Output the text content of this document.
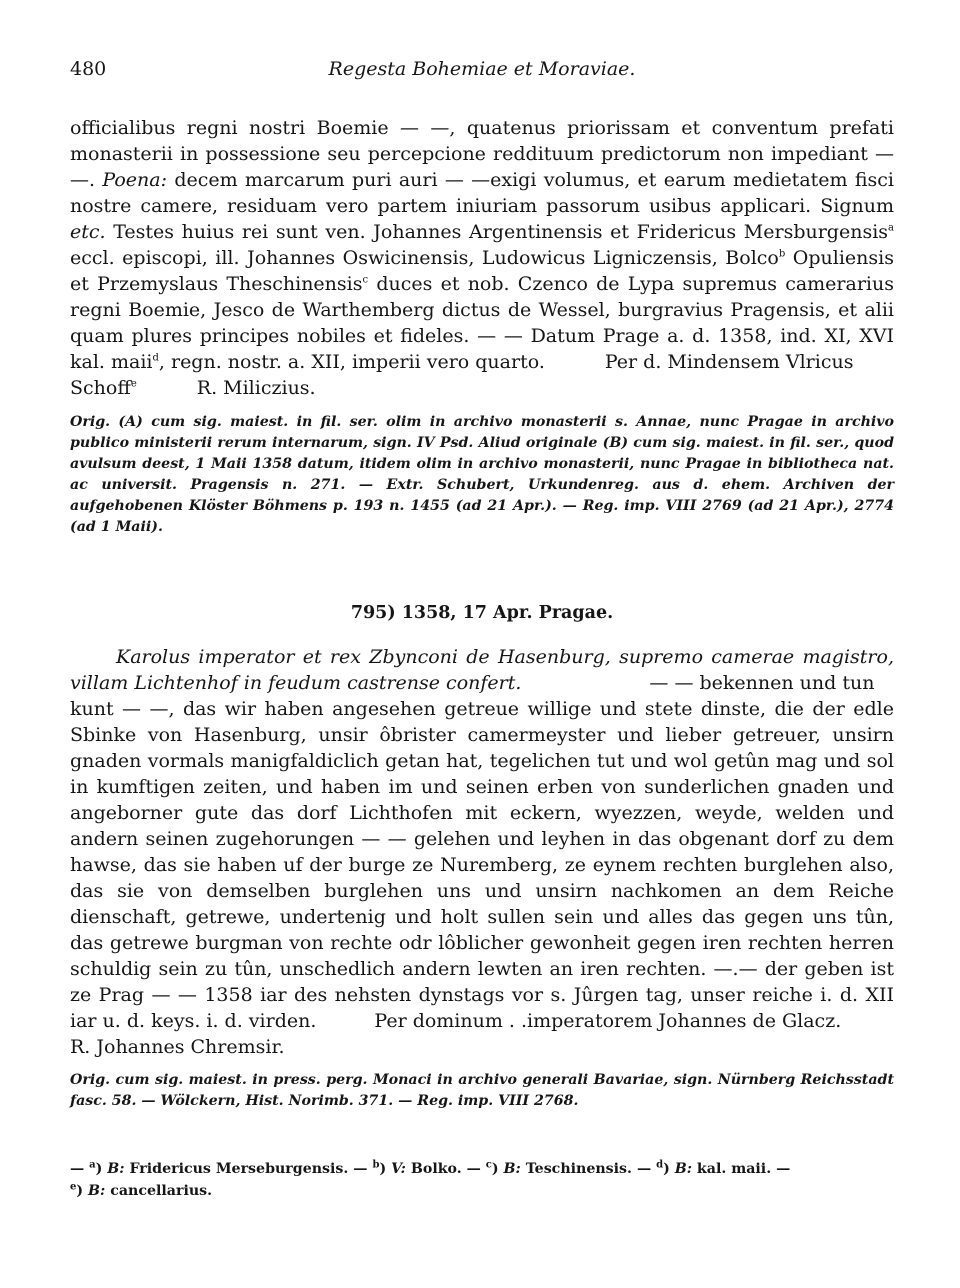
480	Regesta Bohemiae et Moraviae.
officialibus regni nostri Boemie — —, quatenus priorissam et conventum prefati monasterii in possessione seu percepcione reddituum predictorum non impediant — —. Poena: decem marcarum puri auri — —exigi volumus, et earum medietatem fisci nostre camere, residuam vero partem iniuriam passorum usibus applicari. Signum etc. Testes huius rei sunt ven. Johannes Argentinensis et Fridericus Mersburgensis$^a$ eccl. episcopi, ill. Johannes Oswicinensis, Ludowicus Ligniczensis, Bolco$^b$ Opuliensis et Przemyslaus Theschinensis$^c$ duces et nob. Czenco de Lypa supremus camerarius regni Boemie, Jesco de Warthemberg dictus de Wessel, burgravius Pragensis, et alii quam plures principes nobiles et fideles. — — Datum Prage a. d. 1358, ind. XI, XVI kal. maii$^d$, regn. nostr. a. XII, imperii vero quarto.	Per d. Mindensem Vlricus
Schoff$^e$	R. Miliczius.
Orig. (A) cum sig. maiest. in fil. ser. olim in archivo monasterii s. Annae, nunc Pragae in archivo publico ministerii rerum internarum, sign. IV Psd. Aliud originale (B) cum sig. maiest. in fil. ser., quod avulsum deest, 1 Maii 1358 datum, itidem olim in archivo monasterii, nunc Pragae in bibliotheca nat. ac universit. Pragensis n. 271. — Extr. Schubert, Urkundenreg. aus d. ehem. Archiven der aufgehobenen Klöster Böhmens p. 193 n. 1455 (ad 21 Apr.). — Reg. imp. VIII 2769 (ad 21 Apr.), 2774 (ad 1 Maii).
795) 1358, 17 Apr. Pragae.
Karolus imperator et rex Zbynconi de Hasenburg, supremo camerae magistro, villam Lichtenhof in feudum castrense confert.	— — bekennen und tun
kunt — —, das wir haben angesehen getreue willige und stete dinste, die der edle Sbinke von Hasenburg, unsir ôbrister camermeyster und lieber getreuer, unsirn gnaden vormals manigfaldiclich getan hat, tegelichen tut und wol getûn mag und sol in kumftigen zeiten, und haben im und seinen erben von sunderlichen gnaden und angeborner gute das dorf Lichthofen mit eckern, wyezzen, weyde, welden und andern seinen zugehorungen — — gelehen und leyhen in das obgenant dorf zu dem hawse, das sie haben uf der burge ze Nuremberg, ze eynem rechten burglehen also, das sie von demselben burglehen uns und unsirn nachkomen an dem Reiche dienschaft, getrewe, undertenig und holt sullen sein und alles das gegen uns tûn, das getrewe burgman von rechte odr lôblicher gewonheit gegen iren rechten herren schuldig sein zu tûn, unschedlich andern lewten an iren rechten. —.— der geben ist ze Prag — — 1358 iar des nehsten dynstags vor s. Jûrgen tag, unser reiche i. d. XII iar u. d. keys. i. d. virden.	Per dominum . .imperatorem Johannes de Glacz.
R. Johannes Chremsir.
Orig. cum sig. maiest. in press. perg. Monaci in archivo generali Bavariae, sign. Nürnberg Reichsstadt fasc. 58. — Wölckern, Hist. Norimb. 371. — Reg. imp. VIII 2768.
— $^a$) B: Fridericus Merseburgensis. — $^b$) V: Bolko. — $^c$) B: Teschinensis. — $^d$) B: kal. maii. —
$^e$) B: cancellarius.
